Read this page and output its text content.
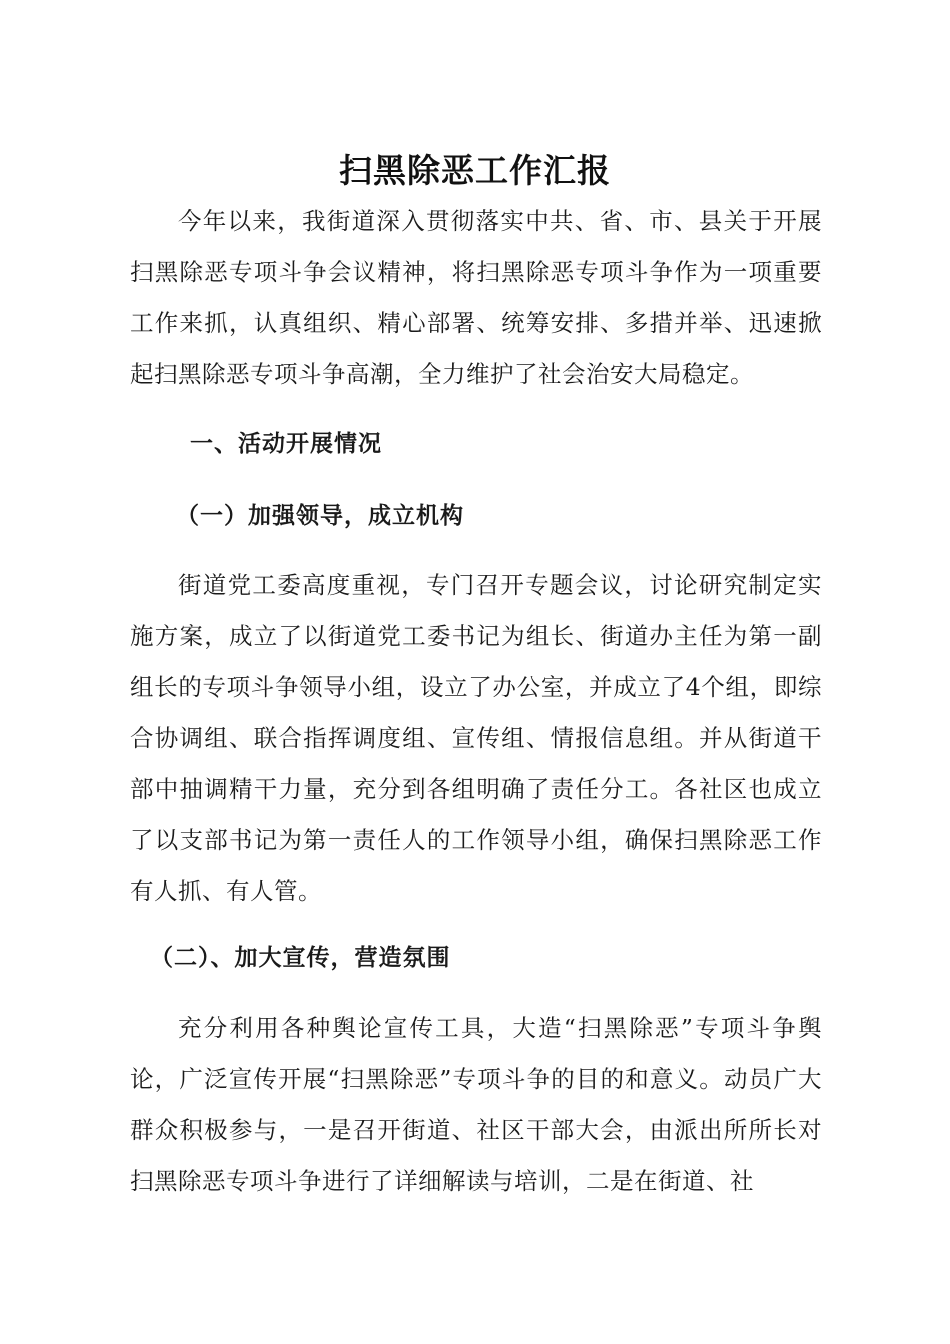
扫黑除恶工作汇报

今年以来，我街道深入贯彻落实中共、省、市、县关于开展扫黑除恶专项斗争会议精神，将扫黑除恶专项斗争作为一项重要工作来抓，认真组织、精心部署、统筹安排、多措并举、迅速掀起扫黑除恶专项斗争高潮，全力维护了社会治安大局稳定。

一、活动开展情况
（一）加强领导，成立机构

街道党工委高度重视，专门召开专题会议，讨论研究制定实施方案，成立了以街道党工委书记为组长、街道办主任为第一副组长的专项斗争领导小组，设立了办公室，并成立了4个组，即综合协调组、联合指挥调度组、宣传组、情报信息组。并从街道干部中抽调精干力量，充分到各组明确了责任分工。各社区也成立了以支部书记为第一责任人的工作领导小组，确保扫黑除恶工作有人抓、有人管。

（二）、加大宣传，营造氛围

充分利用各种舆论宣传工具，大造“扫黑除恶”专项斗争舆论，广泛宣传开展“扫黑除恶”专项斗争的目的和意义。动员广大群众积极参与，一是召开街道、社区干部大会，由派出所所长对扫黑除恶专项斗争进行了详细解读与培训，二是在街道、社
